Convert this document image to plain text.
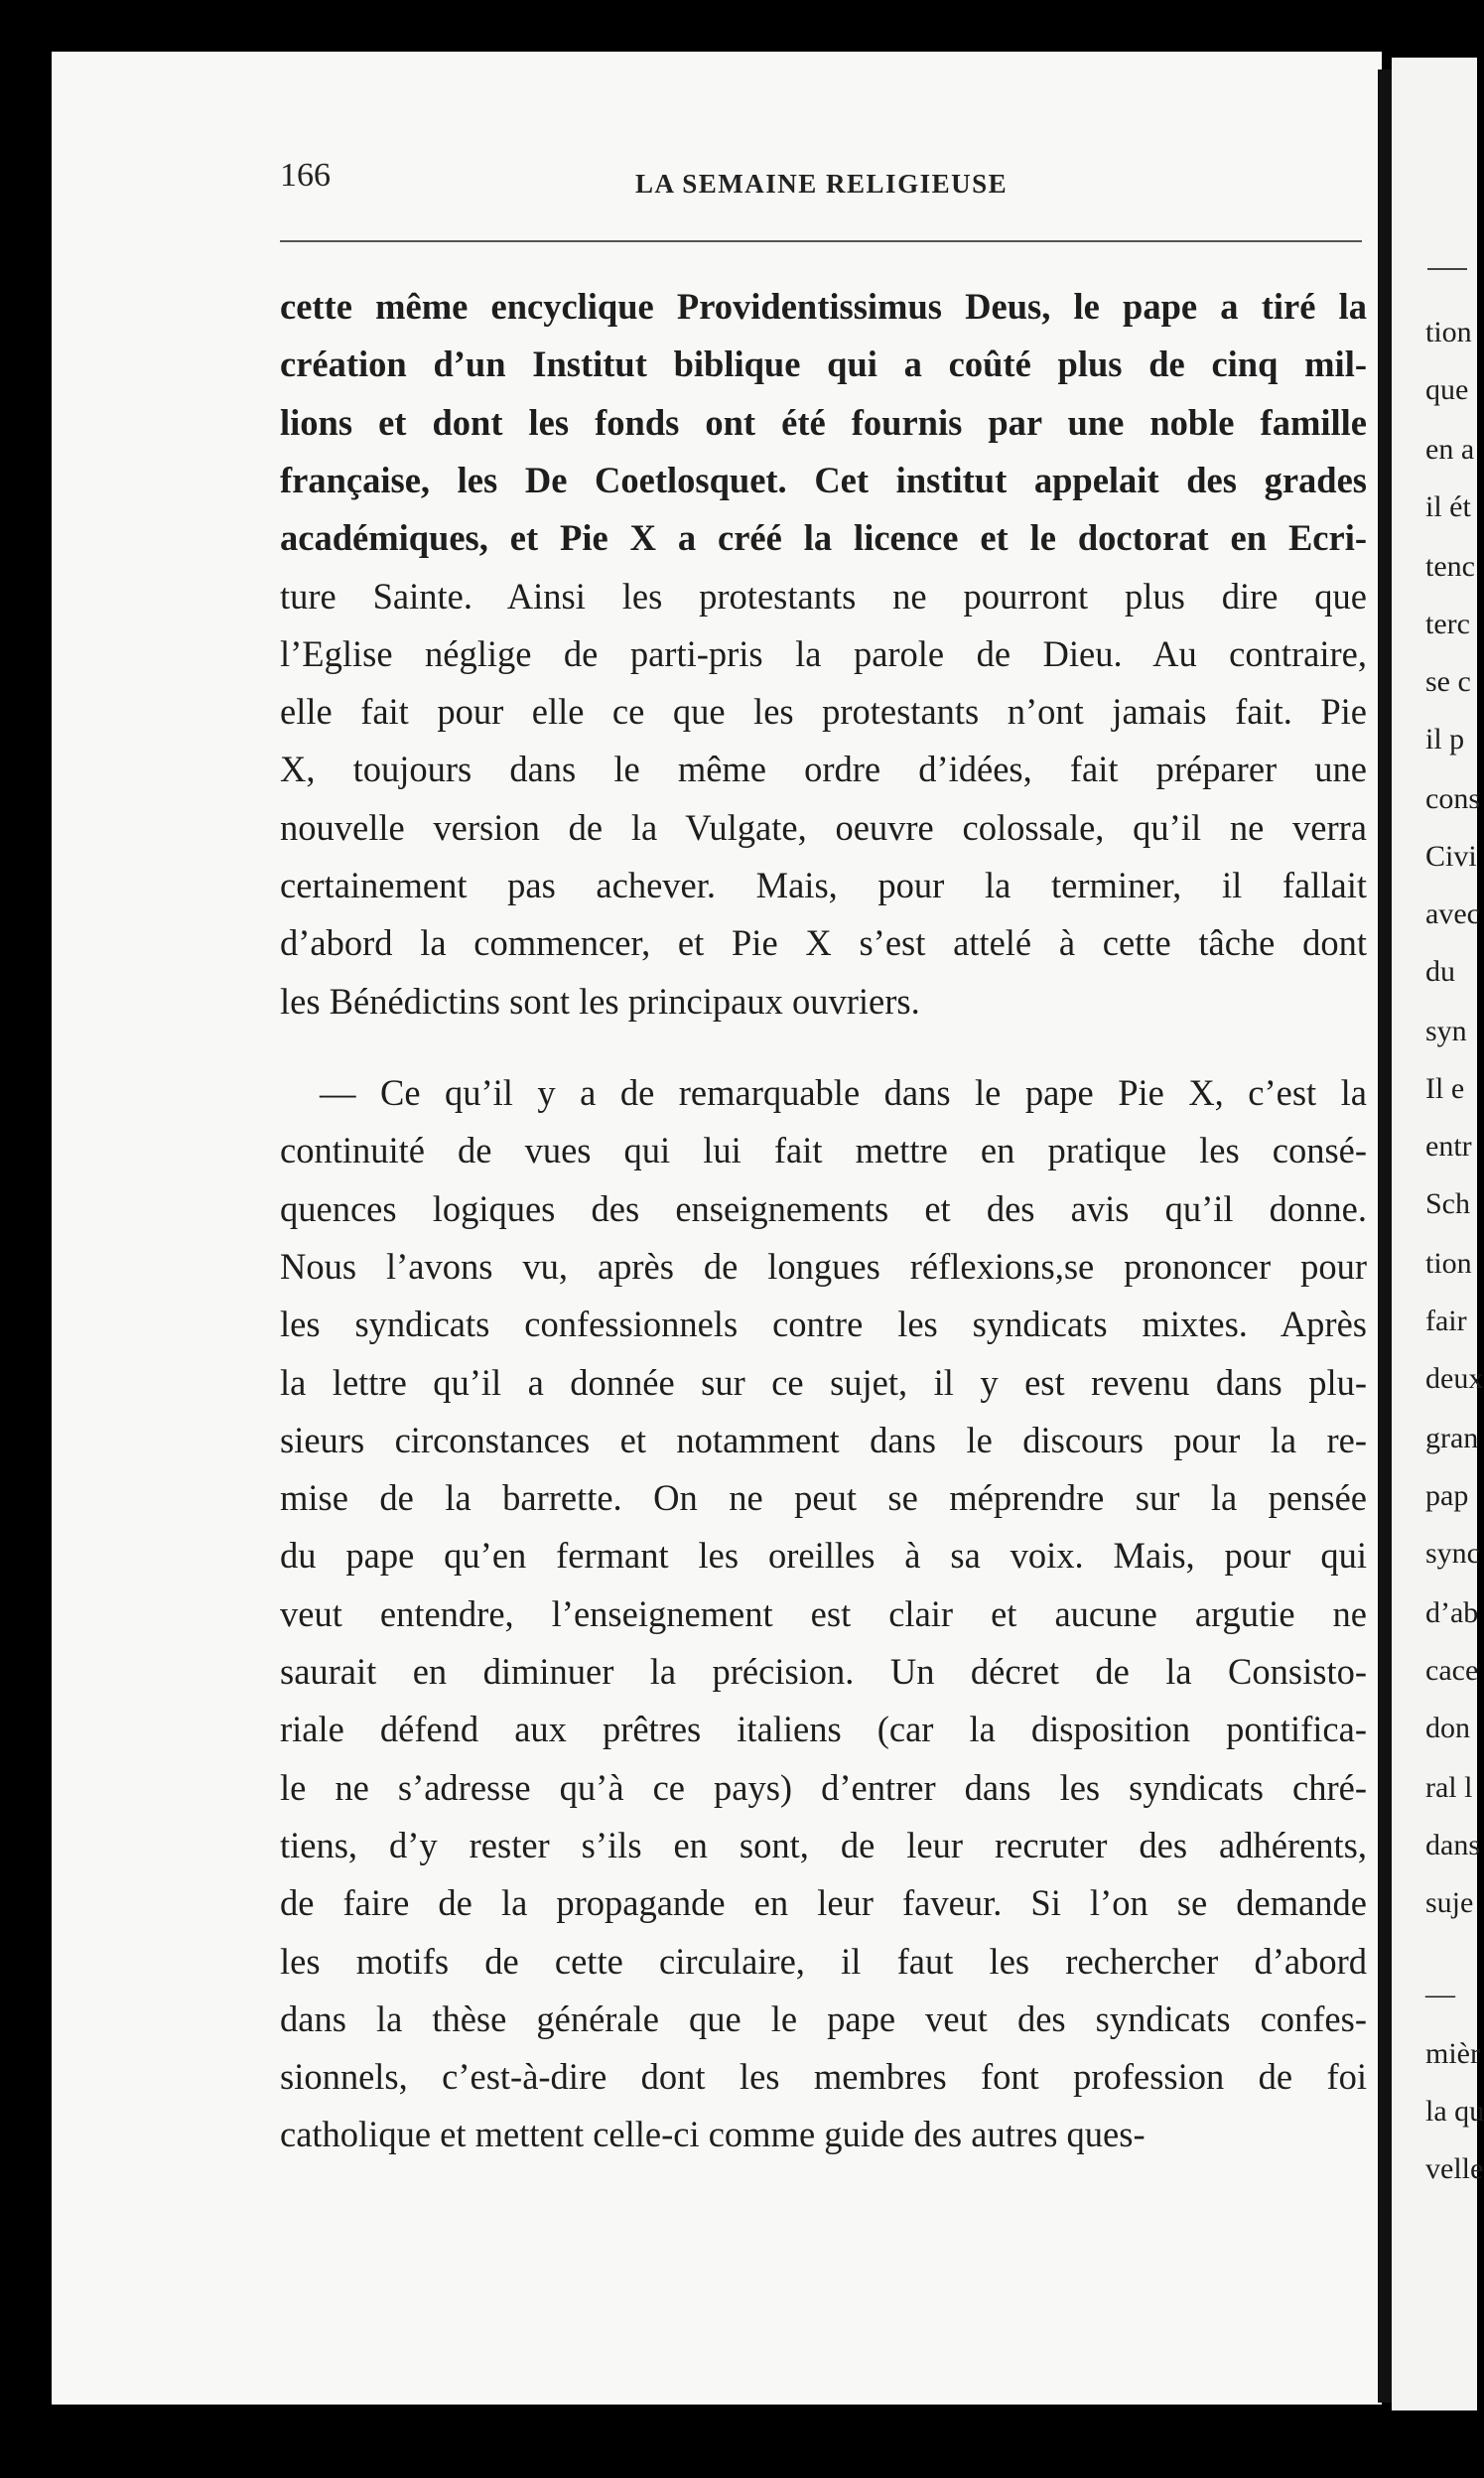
tion
que
en a
il ét
tenc
terc
se c
il p
cons
Civi
avec
du
syn
Il e
entr
Sch
tion
fair
deux
gran
pap
sync
d’ab
cace
don
ral l
dans
suje
—
mièr
la qu
velle
166	LA SEMAINE RELIGIEUSE
cette même encyclique Providentissimus Deus, le pape a tiré la
création d’un Institut biblique qui a coûté plus de cinq mil-
lions et dont les fonds ont été fournis par une noble famille
française, les De Coetlosquet. Cet institut appelait des grades
académiques, et Pie X a créé la licence et le doctorat en Ecri-
ture Sainte. Ainsi les protestants ne pourront plus dire que
l’Eglise néglige de parti-pris la parole de Dieu. Au contraire,
elle fait pour elle ce que les protestants n’ont jamais fait. Pie
X, toujours dans le même ordre d’idées, fait préparer une
nouvelle version de la Vulgate, oeuvre colossale, qu’il ne verra
certainement pas achever. Mais, pour la terminer, il fallait
d’abord la commencer, et Pie X s’est attelé à cette tâche dont
les Bénédictins sont les principaux ouvriers.
— Ce qu’il y a de remarquable dans le pape Pie X, c’est la
continuité de vues qui lui fait mettre en pratique les consé-
quences logiques des enseignements et des avis qu’il donne.
Nous l’avons vu, après de longues réflexions,se prononcer pour
les syndicats confessionnels contre les syndicats mixtes. Après
la lettre qu’il a donnée sur ce sujet, il y est revenu dans plu-
sieurs circonstances et notamment dans le discours pour la re-
mise de la barrette. On ne peut se méprendre sur la pensée
du pape qu’en fermant les oreilles à sa voix. Mais, pour qui
veut entendre, l’enseignement est clair et aucune argutie ne
saurait en diminuer la précision. Un décret de la Consisto-
riale défend aux prêtres italiens (car la disposition pontifica-
le ne s’adresse qu’à ce pays) d’entrer dans les syndicats chré-
tiens, d’y rester s’ils en sont, de leur recruter des adhérents,
de faire de la propagande en leur faveur. Si l’on se demande
les motifs de cette circulaire, il faut les rechercher d’abord
dans la thèse générale que le pape veut des syndicats confes-
sionnels, c’est-à-dire dont les membres font profession de foi
catholique et mettent celle-ci comme guide des autres ques-
